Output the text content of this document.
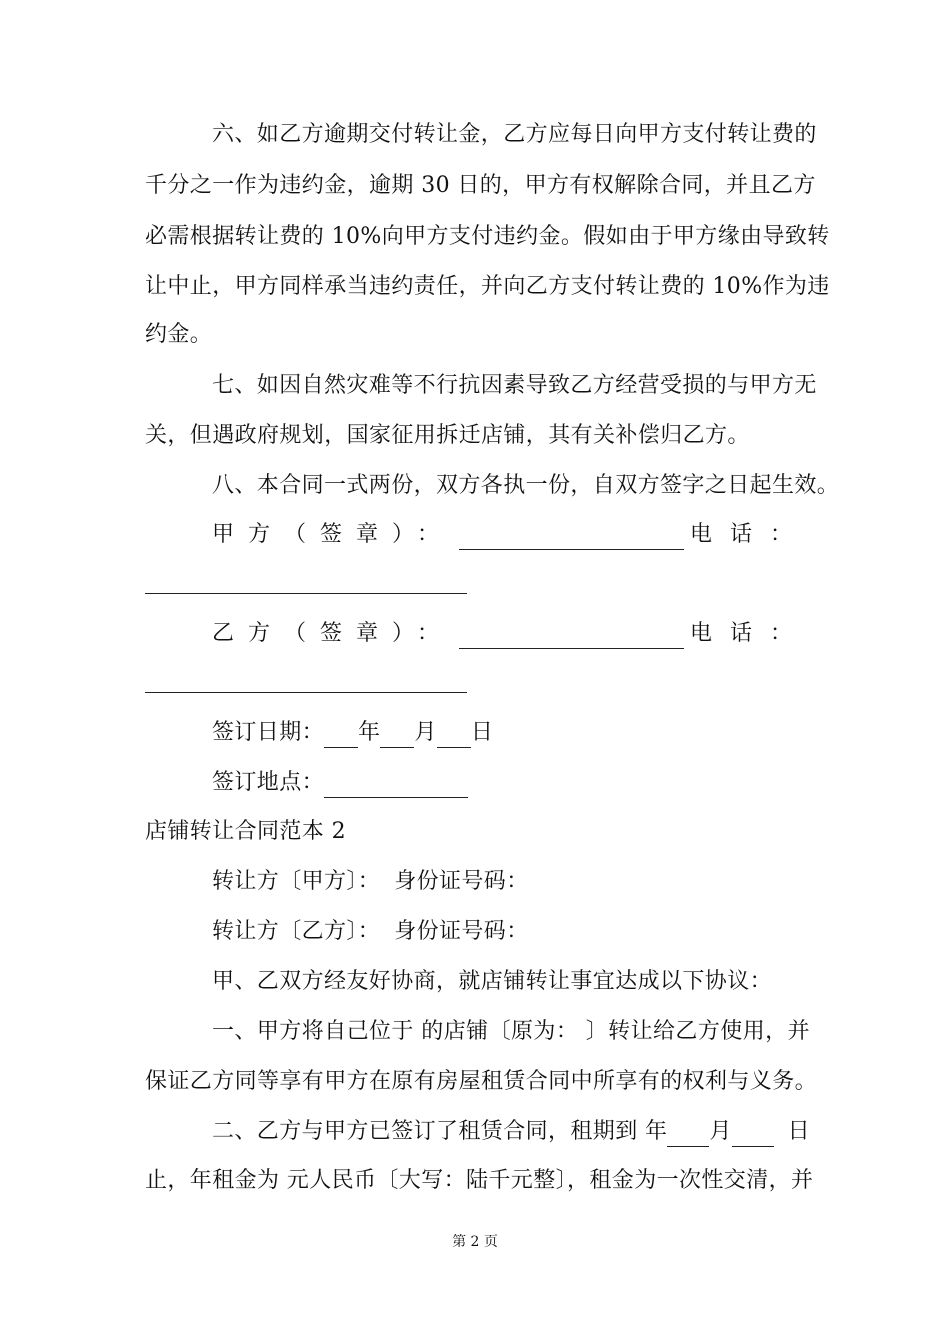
六、如乙方逾期交付转让金，乙方应每日向甲方支付转让费的
千分之一作为违约金，逾期 30 日的，甲方有权解除合同，并且乙方
必需根据转让费的 10%向甲方支付违约金。假如由于甲方缘由导致转
让中止，甲方同样承当违约责任，并向乙方支付转让费的 10%作为违
约金。
七、如因自然灾难等不行抗因素导致乙方经营受损的与甲方无
关，但遇政府规划，国家征用拆迁店铺，其有关补偿归乙方。
八、本合同一式两份，双方各执一份，自双方签字之日起生效。
甲方（签章）：	电话：
乙方（签章）：	电话：
签订日期： 年 月 日
签订地点：
店铺转让合同范本 2
转让方〔甲方〕： 身份证号码：
转让方〔乙方〕： 身份证号码：
甲、乙双方经友好协商，就店铺转让事宜达成以下协议：
一、甲方将自己位于 的店铺〔原为： 〕转让给乙方使用，并
保证乙方同等享有甲方在原有房屋租赁合同中所享有的权利与义务。
二、乙方与甲方已签订了租赁合同，租期到 年 月	日
止，年租金为 元人民币〔大写：陆千元整〕，租金为一次性交清，并
第 2 页
